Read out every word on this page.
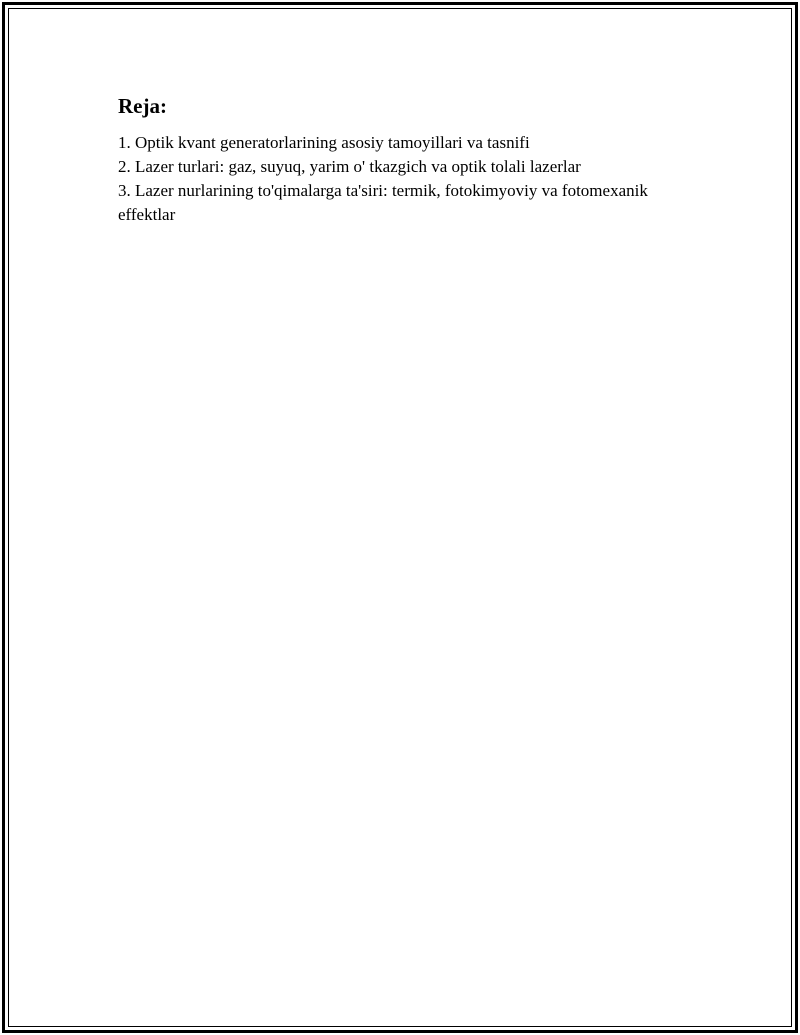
Reja:
1. Optik kvant generatorlarining asosiy tamoyillari va tasnifi
2. Lazer turlari: gaz, suyuq, yarim o' tkazgich va optik tolali lazerlar
3. Lazer nurlarining to'qimalarga ta'siri: termik, fotokimyoviy va fotomexanik effektlar
